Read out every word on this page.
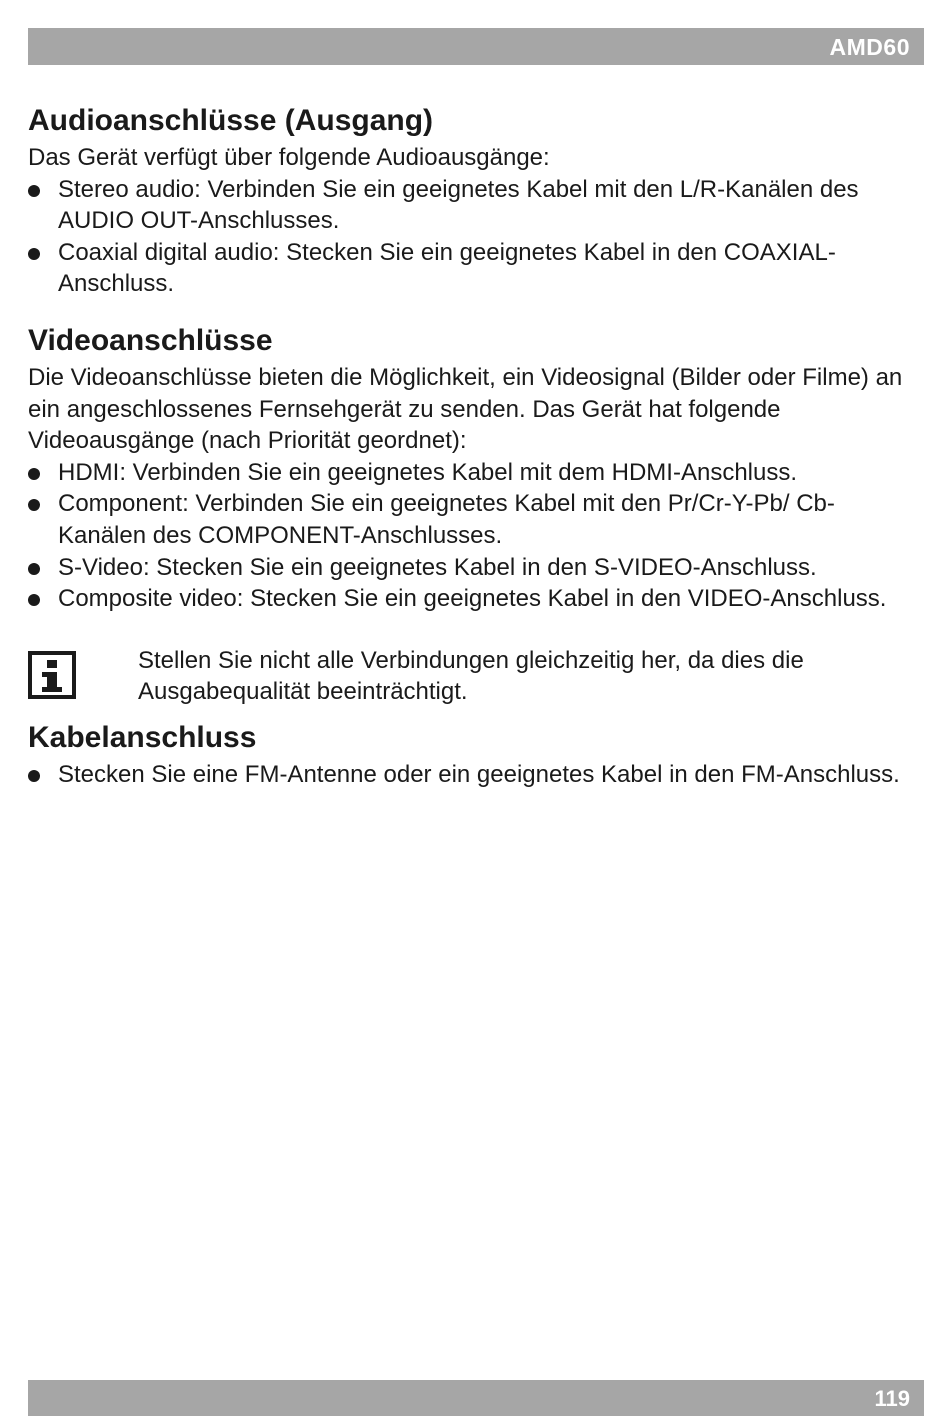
AMD60
Audioanschlüsse (Ausgang)

Das Gerät verfügt über folgende Audioausgänge:

Stereo audio: Verbinden Sie ein geeignetes Kabel mit den L/R-Kanälen des AUDIO OUT-Anschlusses.
Coaxial digital audio: Stecken Sie ein geeignetes Kabel in den COAXIAL-Anschluss.
Videoanschlüsse

Die Videoanschlüsse bieten die Möglichkeit, ein Videosignal (Bilder oder Filme) an ein angeschlossenes Fernsehgerät zu senden. Das Gerät hat folgende Videoausgänge (nach Priorität geordnet):

HDMI: Verbinden Sie ein geeignetes Kabel mit dem HDMI-Anschluss.
Component: Verbinden Sie ein geeignetes Kabel mit den Pr/Cr-Y-Pb/ Cb-Kanälen des COMPONENT-Anschlusses.
S-Video: Stecken Sie ein geeignetes Kabel in den S-VIDEO-Anschluss.
Composite video: Stecken Sie ein geeignetes Kabel in den VIDEO-Anschluss.
Stellen Sie nicht alle Verbindungen gleichzeitig her, da dies die Ausgabequalität beeinträchtigt.
Kabelanschluss
Stecken Sie eine FM-Antenne oder ein geeignetes Kabel in den FM-Anschluss.
119
